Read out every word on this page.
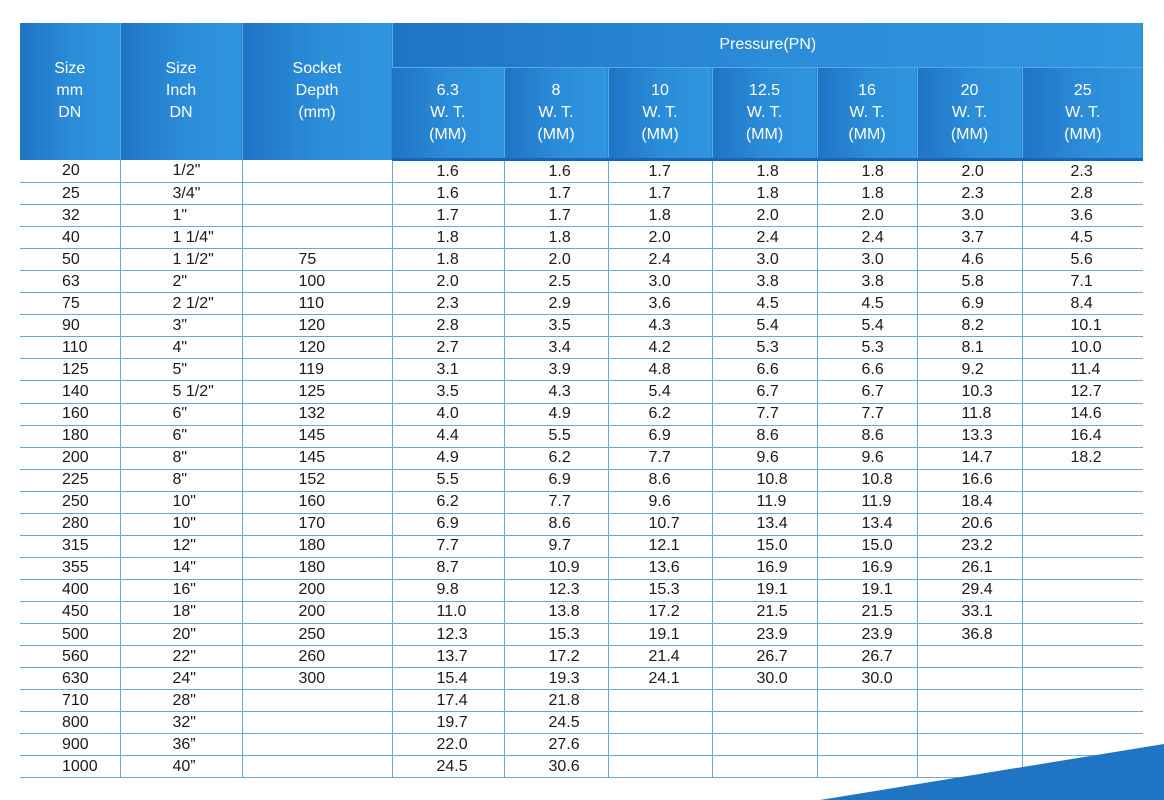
Size
mm
DN	Size
Inch
DN	Socket
Depth
(mm)	Pressure(PN)						

			6.3
W. T.
(MM)	8
W. T.
(MM)	10
W. T.
(MM)	12.5
W. T.
(MM)	16
W. T.
(MM)	20
W. T.
(MM)	25
W. T.
(MM)

20	1/2"		1.6	1.6	1.7	1.8	1.8	2.0	2.3
25	3/4"		1.6	1.7	1.7	1.8	1.8	2.3	2.8
32	1"		1.7	1.7	1.8	2.0	2.0	3.0	3.6
40	1 1/4"		1.8	1.8	2.0	2.4	2.4	3.7	4.5
50	1 1/2"	75	1.8	2.0	2.4	3.0	3.0	4.6	5.6
63	2"	100	2.0	2.5	3.0	3.8	3.8	5.8	7.1
75	2 1/2"	110	2.3	2.9	3.6	4.5	4.5	6.9	8.4
90	3"	120	2.8	3.5	4.3	5.4	5.4	8.2	10.1
110	4"	120	2.7	3.4	4.2	5.3	5.3	8.1	10.0
125	5"	119	3.1	3.9	4.8	6.6	6.6	9.2	11.4
140	5 1/2"	125	3.5	4.3	5.4	6.7	6.7	10.3	12.7
160	6"	132	4.0	4.9	6.2	7.7	7.7	11.8	14.6
180	6"	145	4.4	5.5	6.9	8.6	8.6	13.3	16.4
200	8"	145	4.9	6.2	7.7	9.6	9.6	14.7	18.2
225	8"	152	5.5	6.9	8.6	10.8	10.8	16.6	
250	10"	160	6.2	7.7	9.6	11.9	11.9	18.4	
280	10"	170	6.9	8.6	10.7	13.4	13.4	20.6	
315	12"	180	7.7	9.7	12.1	15.0	15.0	23.2	
355	14"	180	8.7	10.9	13.6	16.9	16.9	26.1	
400	16"	200	9.8	12.3	15.3	19.1	19.1	29.4	
450	18"	200	11.0	13.8	17.2	21.5	21.5	33.1	
500	20"	250	12.3	15.3	19.1	23.9	23.9	36.8	
560	22"	260	13.7	17.2	21.4	26.7	26.7		
630	24"	300	15.4	19.3	24.1	30.0	30.0		
710	28"		17.4	21.8					
800	32"		19.7	24.5					
900	36”		22.0	27.6					
1000	40”		24.5	30.6					
